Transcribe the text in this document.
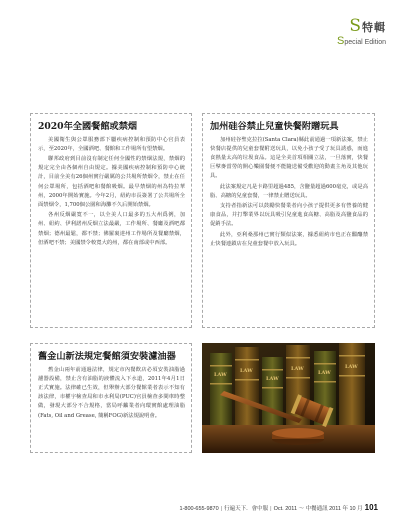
S特輯
Special Edition
2020年全國餐館或禁烟

美國衛生與公眾服務部下屬疾病控制和預防中心官員表示，至2020年，全國酒吧、餐館和工作場所有望禁烟。

聯邦政府到目前沒有制定任何全國性的禁烟法規，禁烟的規定完全由各個州自由規定。據美國疾病控制和預防中心統計，目前全美有26個州實行嚴厲的公共場所禁烟令，禁止在任何公眾場所，包括酒吧和餐館吸烟。最早禁烟的州為特拉華州，2000年開始實施。今年2月，紐約市長簽署了公共場所全面禁烟令，1,700個公園和海灘不久后開始禁烟。

各州反烟嚴寬不一，以全美人口最多的五大州爲例，加州、紐約、伊利諾州反烟立法最嚴，工作場所、餐廳及酒吧都禁烟；德州最鬆，都不禁；佛羅裏達州工作場所及餐廳禁烟，但酒吧不禁；美國禁令較寬大的州，都在南部或中西部。

加州硅谷禁止兒童快餐附贈玩具

加州硅谷聖克拉拉(Santa Clara)縣此前通過一項新法案，禁止快餐店提供的兒童套餐附送玩具，以免小孩子受了玩具誘惑，而進食熱量太高的垃圾食品。這是全美首項相關立法，一旦落實，快餐巨擘麥當勞的開心樂園餐便不能隨送備受歡迎的動畫主角及其他玩具。

此法案規定凡是卡路里超過485，含鹽量超過600毫克，或是高脂、高糖的兒童套餐，一律禁止贈送玩具。

支持者指新法可以鼓勵快餐業者向小孩子提供更多有營養的健康食品，并打擊業界以玩具吸引兒童進食高糖、高脂及高鹽食品的促銷手法。

此外，亞利桑那州已實行類似法案，據悉紐約市也正在醞釀禁止快餐連鎖店在兒童套餐中放入玩具。

舊金山新法規定餐館須安裝濾油器

舊金山兩年前通過法律，規定市內餐飲店必須安裝油脂過濾器設備，禁止含有油脂的液體流入下水道，2011年4月1日正式實施。法律確已生效，但舉辦大部分餐館業者表示不知有該法律，市權宇檢查局和市水利局(PUC)官員檢查多間車時整做，發現大部分不合規格，當局呼籲業者向環實館處理油脂(Fats, Oil and Grease, 簡稱FOG)新法規說明會。

LAW
LAW
LAW
LAW
LAW
LAW
1-800-655-9870 | 行遍天下．會中服 | Oct. 2011 ～ 中餐通訊 2011 年 10 月 101
